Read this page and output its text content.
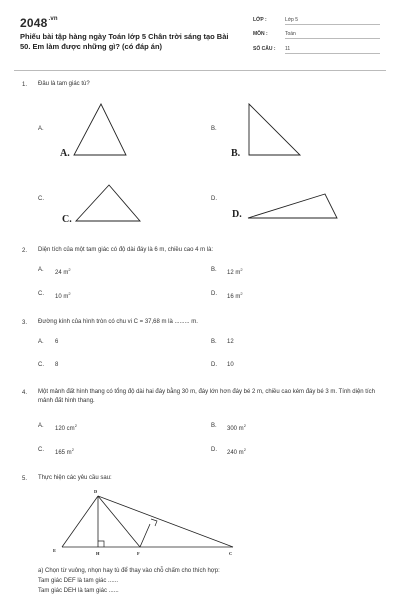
$2048^{.vn}$
Phiếu bài tập hàng ngày Toán lớp 5 Chân trời sáng tạo Bài 50. Em làm được những gì? (có đáp án)
LỚP :	Lớp 5
MÔN :	Toán
SỐ CÂU : 11
1. Đâu là tam giác tù?
A.	B.
C.	D.
A.	B.
C.	D.
D
E
H	F	C
2. Diện tích của một tam giác có độ dài đáy là 6 m, chiều cao 4 m là:
A. 24 $m^2$	B. 12 $m^2$
C. 10 $m^2$	D. 16 $m^2$
3. Đường kính của hình tròn có chu vi C = 37,68 m là ......... m.
A. 6	B. 12
C. 8	D. 10
4. Một mảnh đất hình thang có tổng độ dài hai đáy bằng 30 m, đáy lớn hơn đáy bé 2 m, chiều cao kém đáy bé 3 m. Tính diện tích mảnh đất hình thang.
A. 120 $cm^2$	B. 300 $m^2$
C. 165 $m^2$	D. 240 $m^2$
5. Thực hiện các yêu cầu sau:
a) Chọn từ vuông, nhọn hay tù để thay vào chỗ chấm cho thích hợp:
Tam giác DEF là tam giác ......
Tam giác DEH là tam giác ......
